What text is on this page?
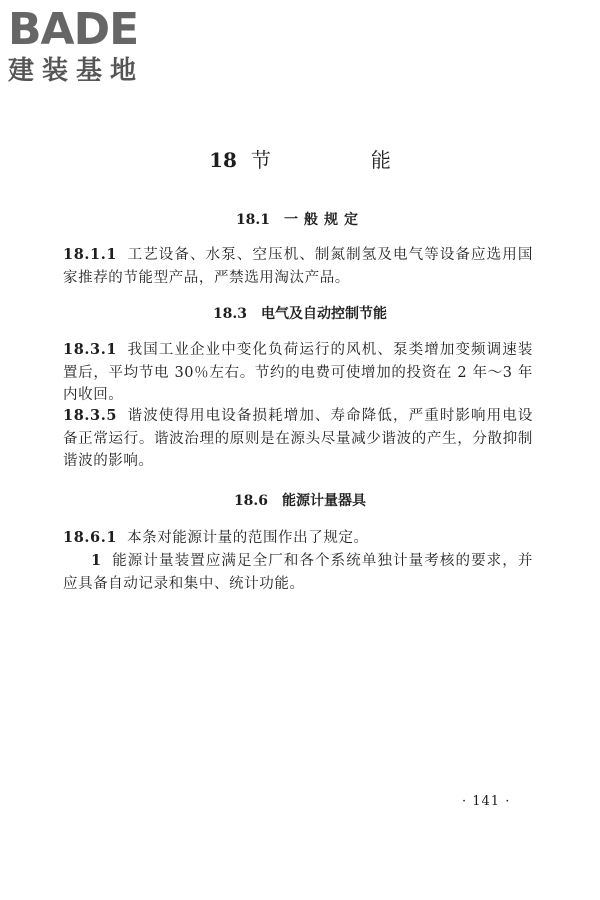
BADE
建装基地
18 节　能
18.1 一般规定
18.1.1 工艺设备、水泵、空压机、制氮制氢及电气等设备应选用国家推荐的节能型产品，严禁选用淘汰产品。
18.3 电气及自动控制节能
18.3.1 我国工业企业中变化负荷运行的风机、泵类增加变频调速装置后，平均节电 30％左右。节约的电费可使增加的投资在 2 年～3 年内收回。
18.3.5 谐波使得用电设备损耗增加、寿命降低，严重时影响用电设备正常运行。谐波治理的原则是在源头尽量减少谐波的产生，分散抑制谐波的影响。
18.6 能源计量器具
18.6.1 本条对能源计量的范围作出了规定。
1 能源计量装置应满足全厂和各个系统单独计量考核的要求，并应具备自动记录和集中、统计功能。
· 141 ·
